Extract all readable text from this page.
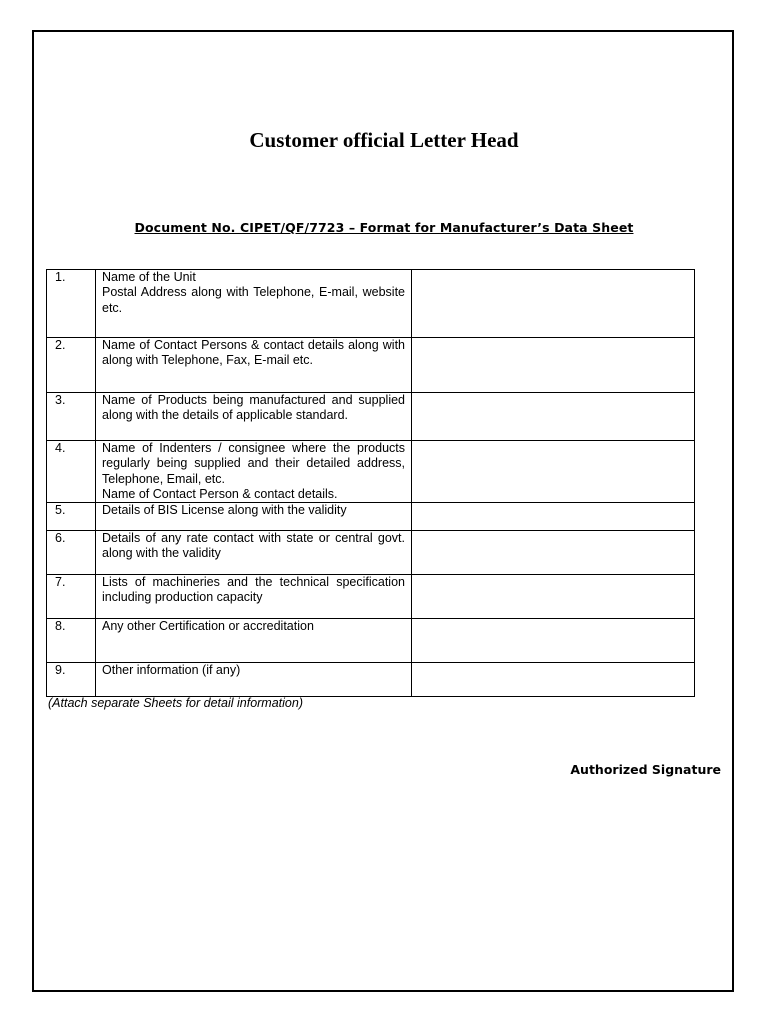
Customer official Letter Head
Document No. CIPET/QF/7723 – Format for Manufacturer’s Data Sheet
1.	Name of the Unit
Postal Address along with Telephone, E-mail, website etc.	

2.	Name of Contact Persons & contact details along with along with Telephone, Fax, E-mail etc.	

3.	Name of Products being manufactured and supplied along with the details of applicable standard.	

4.	Name of Indenters / consignee where the products regularly being supplied and their detailed address, Telephone, Email, etc.
Name of Contact Person & contact details.	

5.	Details of BIS License along with the validity	

6.	Details of any rate contact with state or central govt. along with the validity	

7.	Lists of machineries and the technical specification including production capacity	

8.	Any other Certification or accreditation	

9.	Other information (if any)	

(Attach separate Sheets for detail information)
Authorized Signature
